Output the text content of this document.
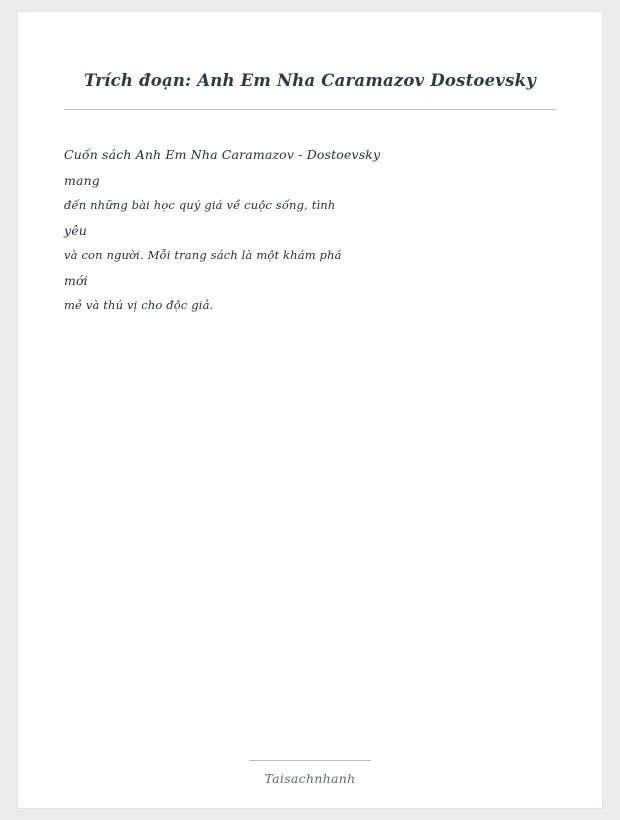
Trích đoạn: Anh Em Nha Caramazov Dostoevsky
Cuốn sách Anh Em Nha Caramazov - Dostoevsky
mang
đến những bài học quý giá về cuộc sống, tình
yêu
và con người. Mỗi trang sách là một khám phá
mới
mẻ và thú vị cho độc giả.
Taisachnhanh
